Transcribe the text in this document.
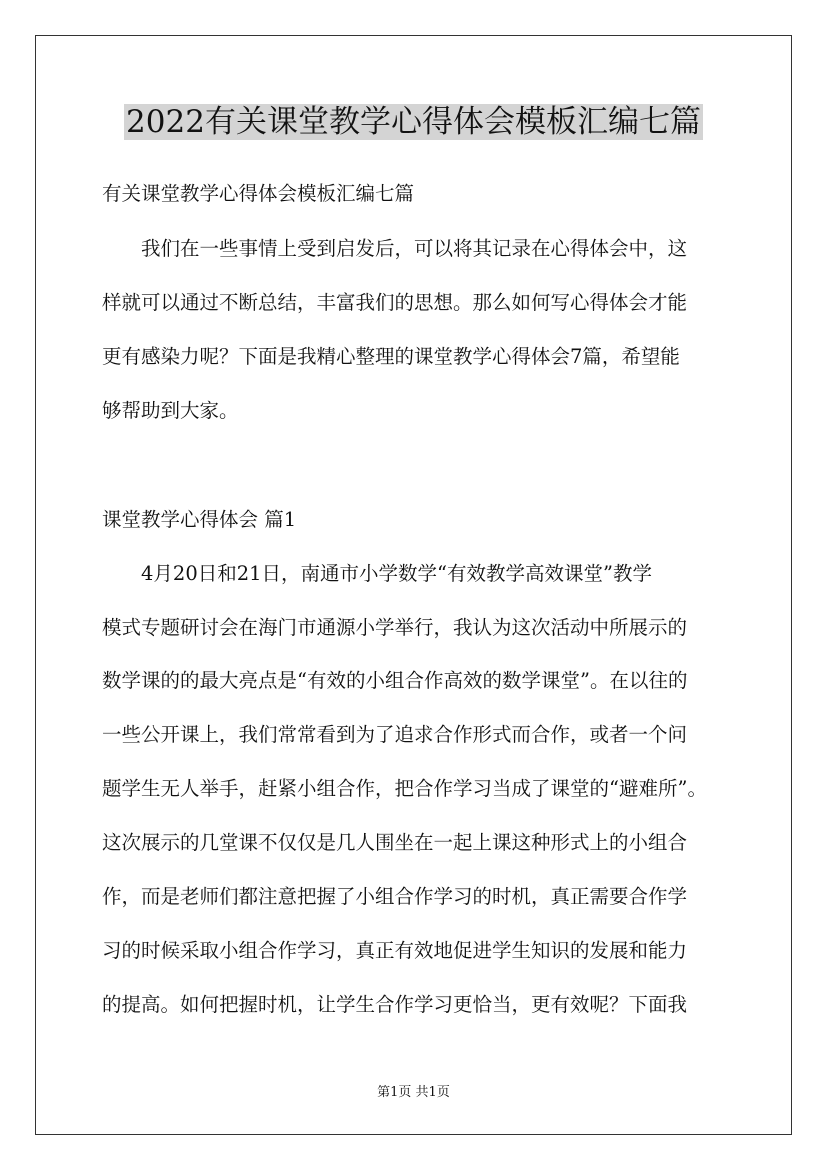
2022有关课堂教学心得体会模板汇编七篇
有关课堂教学心得体会模板汇编七篇
我们在一些事情上受到启发后，可以将其记录在心得体会中，这
样就可以通过不断总结，丰富我们的思想。那么如何写心得体会才能
更有感染力呢？下面是我精心整理的课堂教学心得体会7篇，希望能
够帮助到大家。
课堂教学心得体会 篇1
4月20日和21日，南通市小学数学“有效教学高效课堂”教学
模式专题研讨会在海门市通源小学举行，我认为这次活动中所展示的
数学课的的最大亮点是“有效的小组合作高效的数学课堂”。在以往的
一些公开课上，我们常常看到为了追求合作形式而合作，或者一个问
题学生无人举手，赶紧小组合作，把合作学习当成了课堂的“避难所”。
这次展示的几堂课不仅仅是几人围坐在一起上课这种形式上的小组合
作，而是老师们都注意把握了小组合作学习的时机，真正需要合作学
习的时候采取小组合作学习，真正有效地促进学生知识的发展和能力
的提高。如何把握时机，让学生合作学习更恰当，更有效呢？下面我
第1页 共1页
